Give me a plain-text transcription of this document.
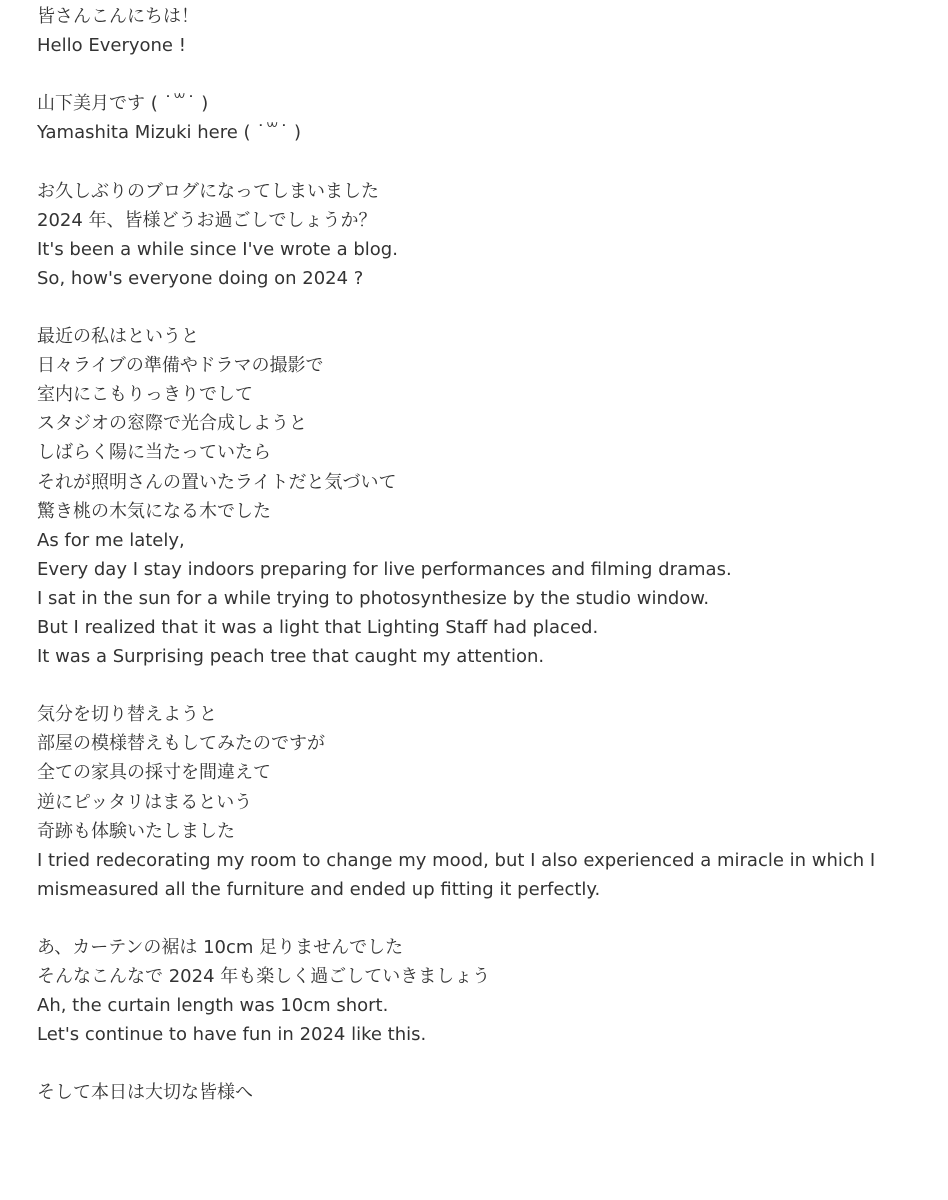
皆さんこんにちは！
Hello Everyone !
山下美月です ( ˙꒳˙ )
Yamashita Mizuki here ( ˙꒳˙ )
お久しぶりのブログになってしまいました
2024 年、皆様どうお過ごしでしょうか？
It's been a while since I've wrote a blog.
So, how's everyone doing on 2024 ?
最近の私はというと
日々ライブの準備やドラマの撮影で
室内にこもりっきりでして
スタジオの窓際で光合成しようと
しばらく陽に当たっていたら
それが照明さんの置いたライトだと気づいて
驚き桃の木気になる木でした
As for me lately,
Every day I stay indoors preparing for live performances and filming dramas.
I sat in the sun for a while trying to photosynthesize by the studio window.
But I realized that it was a light that Lighting Staff had placed.
It was a Surprising peach tree that caught my attention.
気分を切り替えようと
部屋の模様替えもしてみたのですが
全ての家具の採寸を間違えて
逆にピッタリはまるという
奇跡も体験いたしました
I tried redecorating my room to change my mood, but I also experienced a miracle in which I mismeasured all the furniture and ended up fitting it perfectly.
あ、カーテンの裾は 10cm 足りませんでした
そんなこんなで 2024 年も楽しく過ごしていきましょう
Ah, the curtain length was 10cm short.
Let's continue to have fun in 2024 like this.
そして本日は大切な皆様へ
